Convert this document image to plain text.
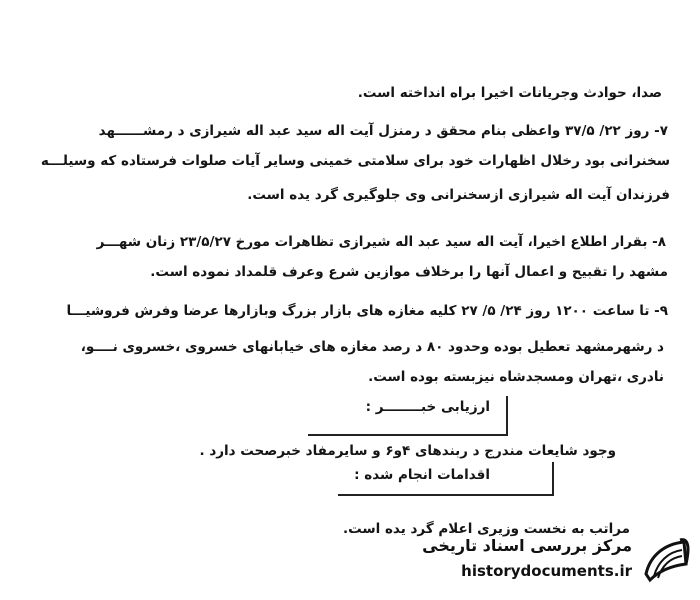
صدا، حوادث وجریانات اخیرا براه انداخته است.
۷- روز ۲۲/ ۳۷/۵ واعظی بنام محقق د رمنزل آیت اله سید عبد اله شیرازی د رمشــــــهد
سخنرانی بود رخلال اظهارات خود برای سلامتی خمینی وسایر آیات صلوات فرستاده که وسیلـــه
فرزندان آیت اله شیرازی ازسخنرانی وی جلوگیری گرد یده است.
۸- بقرار اطلاع اخیرا، آیت اله سید عبد اله شیرازی تظاهرات مورخ ۲۳/۵/۲۷ زنان شهـــر
مشهد را تقبیح و اعمال آنها را برخلاف موازین شرع وعرف قلمداد نموده است.
۹- تا ساعت ۱۲۰۰ روز ۲۴/ ۵/ ۲۷ کلیه مغازه های بازار بزرگ وبازارها عرضا وفرش فروشیـــا
د رشهرمشهد تعطیل بوده وحدود ۸۰ د رصد مغازه های خیابانهای خسروی ،خسروی نــــو،
نادری ،تهران ومسجدشاه نیزبسته بوده است.
ارزیابی خبــــــــر :
وجود شایعات مندرج د ربندهای ۴و۶ و سایرمفاد خبرصحت دارد .
اقدامات انجام شده :
مراتب به نخست وزیری اعلام گرد یده است.
مرکز بررسی اسناد تاریخی
historydocuments.ir
